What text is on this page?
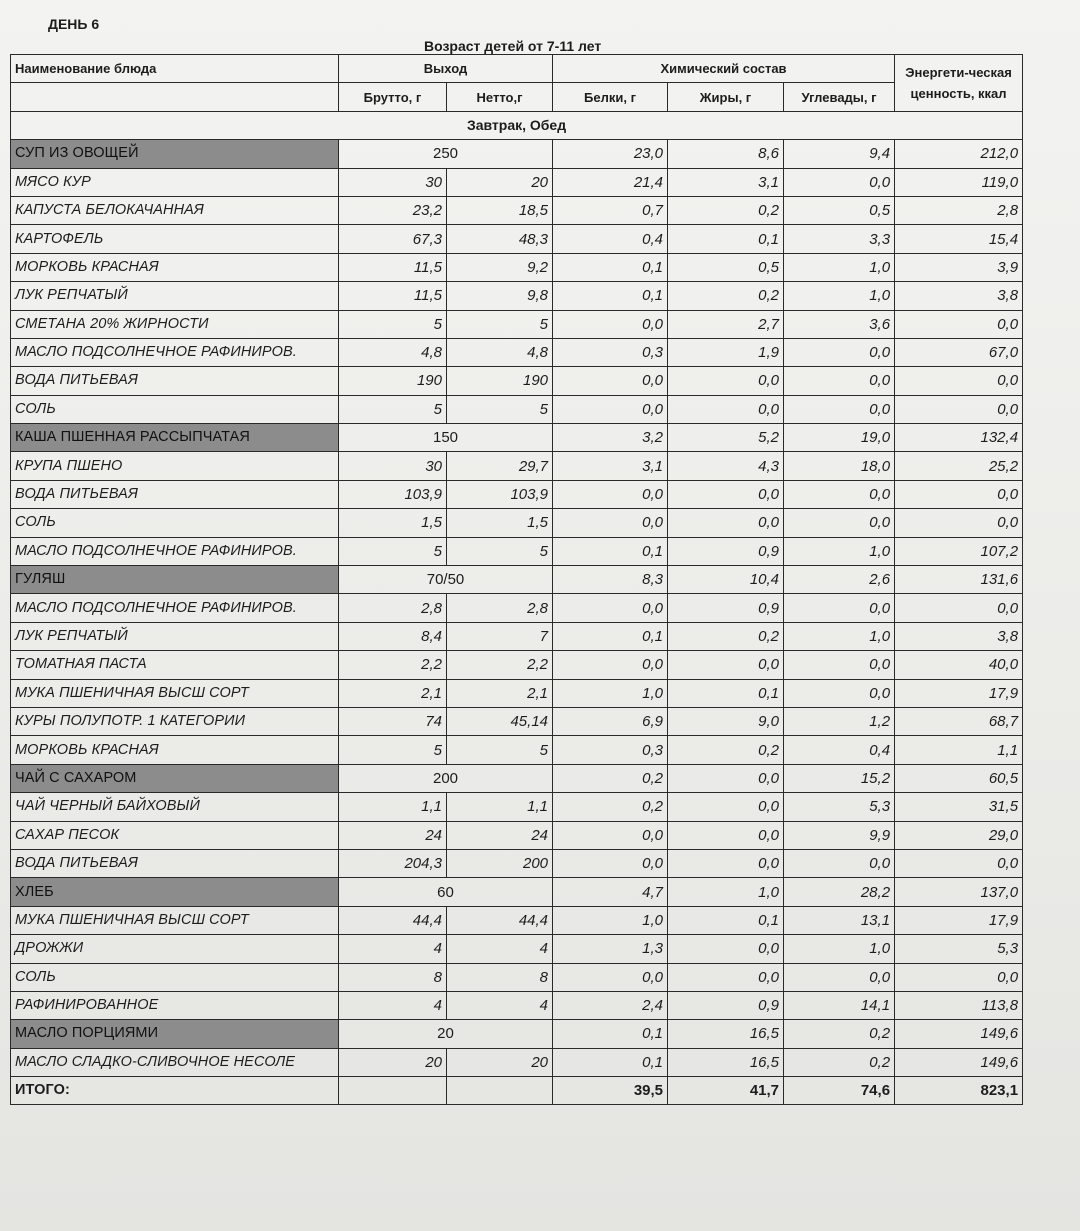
ДЕНЬ 6
Возраст детей от 7-11 лет
Наименование блюда	Выход		Химический состав			Энергети-ческая ценность, ккал
	Брутто, г	Нетто,г	Белки, г	Жиры, г	Углевады, г	
Завтрак, Обед						
СУП ИЗ ОВОЩЕЙ	250		23,0	8,6	9,4	212,0
МЯСО КУР	30	20	21,4	3,1	0,0	119,0
КАПУСТА БЕЛОКАЧАННАЯ	23,2	18,5	0,7	0,2	0,5	2,8
КАРТОФЕЛЬ	67,3	48,3	0,4	0,1	3,3	15,4
МОРКОВЬ КРАСНАЯ	11,5	9,2	0,1	0,5	1,0	3,9
ЛУК РЕПЧАТЫЙ	11,5	9,8	0,1	0,2	1,0	3,8
СМЕТАНА 20% ЖИРНОСТИ	5	5	0,0	2,7	3,6	0,0
МАСЛО ПОДСОЛНЕЧНОЕ РАФИНИРОВ.	4,8	4,8	0,3	1,9	0,0	67,0
ВОДА ПИТЬЕВАЯ	190	190	0,0	0,0	0,0	0,0
СОЛЬ	5	5	0,0	0,0	0,0	0,0
КАША ПШЕННАЯ РАССЫПЧАТАЯ	150		3,2	5,2	19,0	132,4
КРУПА ПШЕНО	30	29,7	3,1	4,3	18,0	25,2
ВОДА ПИТЬЕВАЯ	103,9	103,9	0,0	0,0	0,0	0,0
СОЛЬ	1,5	1,5	0,0	0,0	0,0	0,0
МАСЛО ПОДСОЛНЕЧНОЕ РАФИНИРОВ.	5	5	0,1	0,9	1,0	107,2
ГУЛЯШ	70/50		8,3	10,4	2,6	131,6
МАСЛО ПОДСОЛНЕЧНОЕ РАФИНИРОВ.	2,8	2,8	0,0	0,9	0,0	0,0
ЛУК РЕПЧАТЫЙ	8,4	7	0,1	0,2	1,0	3,8
ТОМАТНАЯ ПАСТА	2,2	2,2	0,0	0,0	0,0	40,0
МУКА ПШЕНИЧНАЯ ВЫСШ СОРТ	2,1	2,1	1,0	0,1	0,0	17,9
КУРЫ ПОЛУПОТР. 1 КАТЕГОРИИ	74	45,14	6,9	9,0	1,2	68,7
МОРКОВЬ КРАСНАЯ	5	5	0,3	0,2	0,4	1,1
ЧАЙ С САХАРОМ	200		0,2	0,0	15,2	60,5
ЧАЙ ЧЕРНЫЙ БАЙХОВЫЙ	1,1	1,1	0,2	0,0	5,3	31,5
САХАР ПЕСОК	24	24	0,0	0,0	9,9	29,0
ВОДА ПИТЬЕВАЯ	204,3	200	0,0	0,0	0,0	0,0
ХЛЕБ	60		4,7	1,0	28,2	137,0
МУКА ПШЕНИЧНАЯ ВЫСШ СОРТ	44,4	44,4	1,0	0,1	13,1	17,9
ДРОЖЖИ	4	4	1,3	0,0	1,0	5,3
СОЛЬ	8	8	0,0	0,0	0,0	0,0
РАФИНИРОВАННОЕ	4	4	2,4	0,9	14,1	113,8
МАСЛО ПОРЦИЯМИ	20		0,1	16,5	0,2	149,6
МАСЛО СЛАДКО-СЛИВОЧНОЕ НЕСОЛЕ	20	20	0,1	16,5	0,2	149,6
ИТОГО:			39,5	41,7	74,6	823,1
